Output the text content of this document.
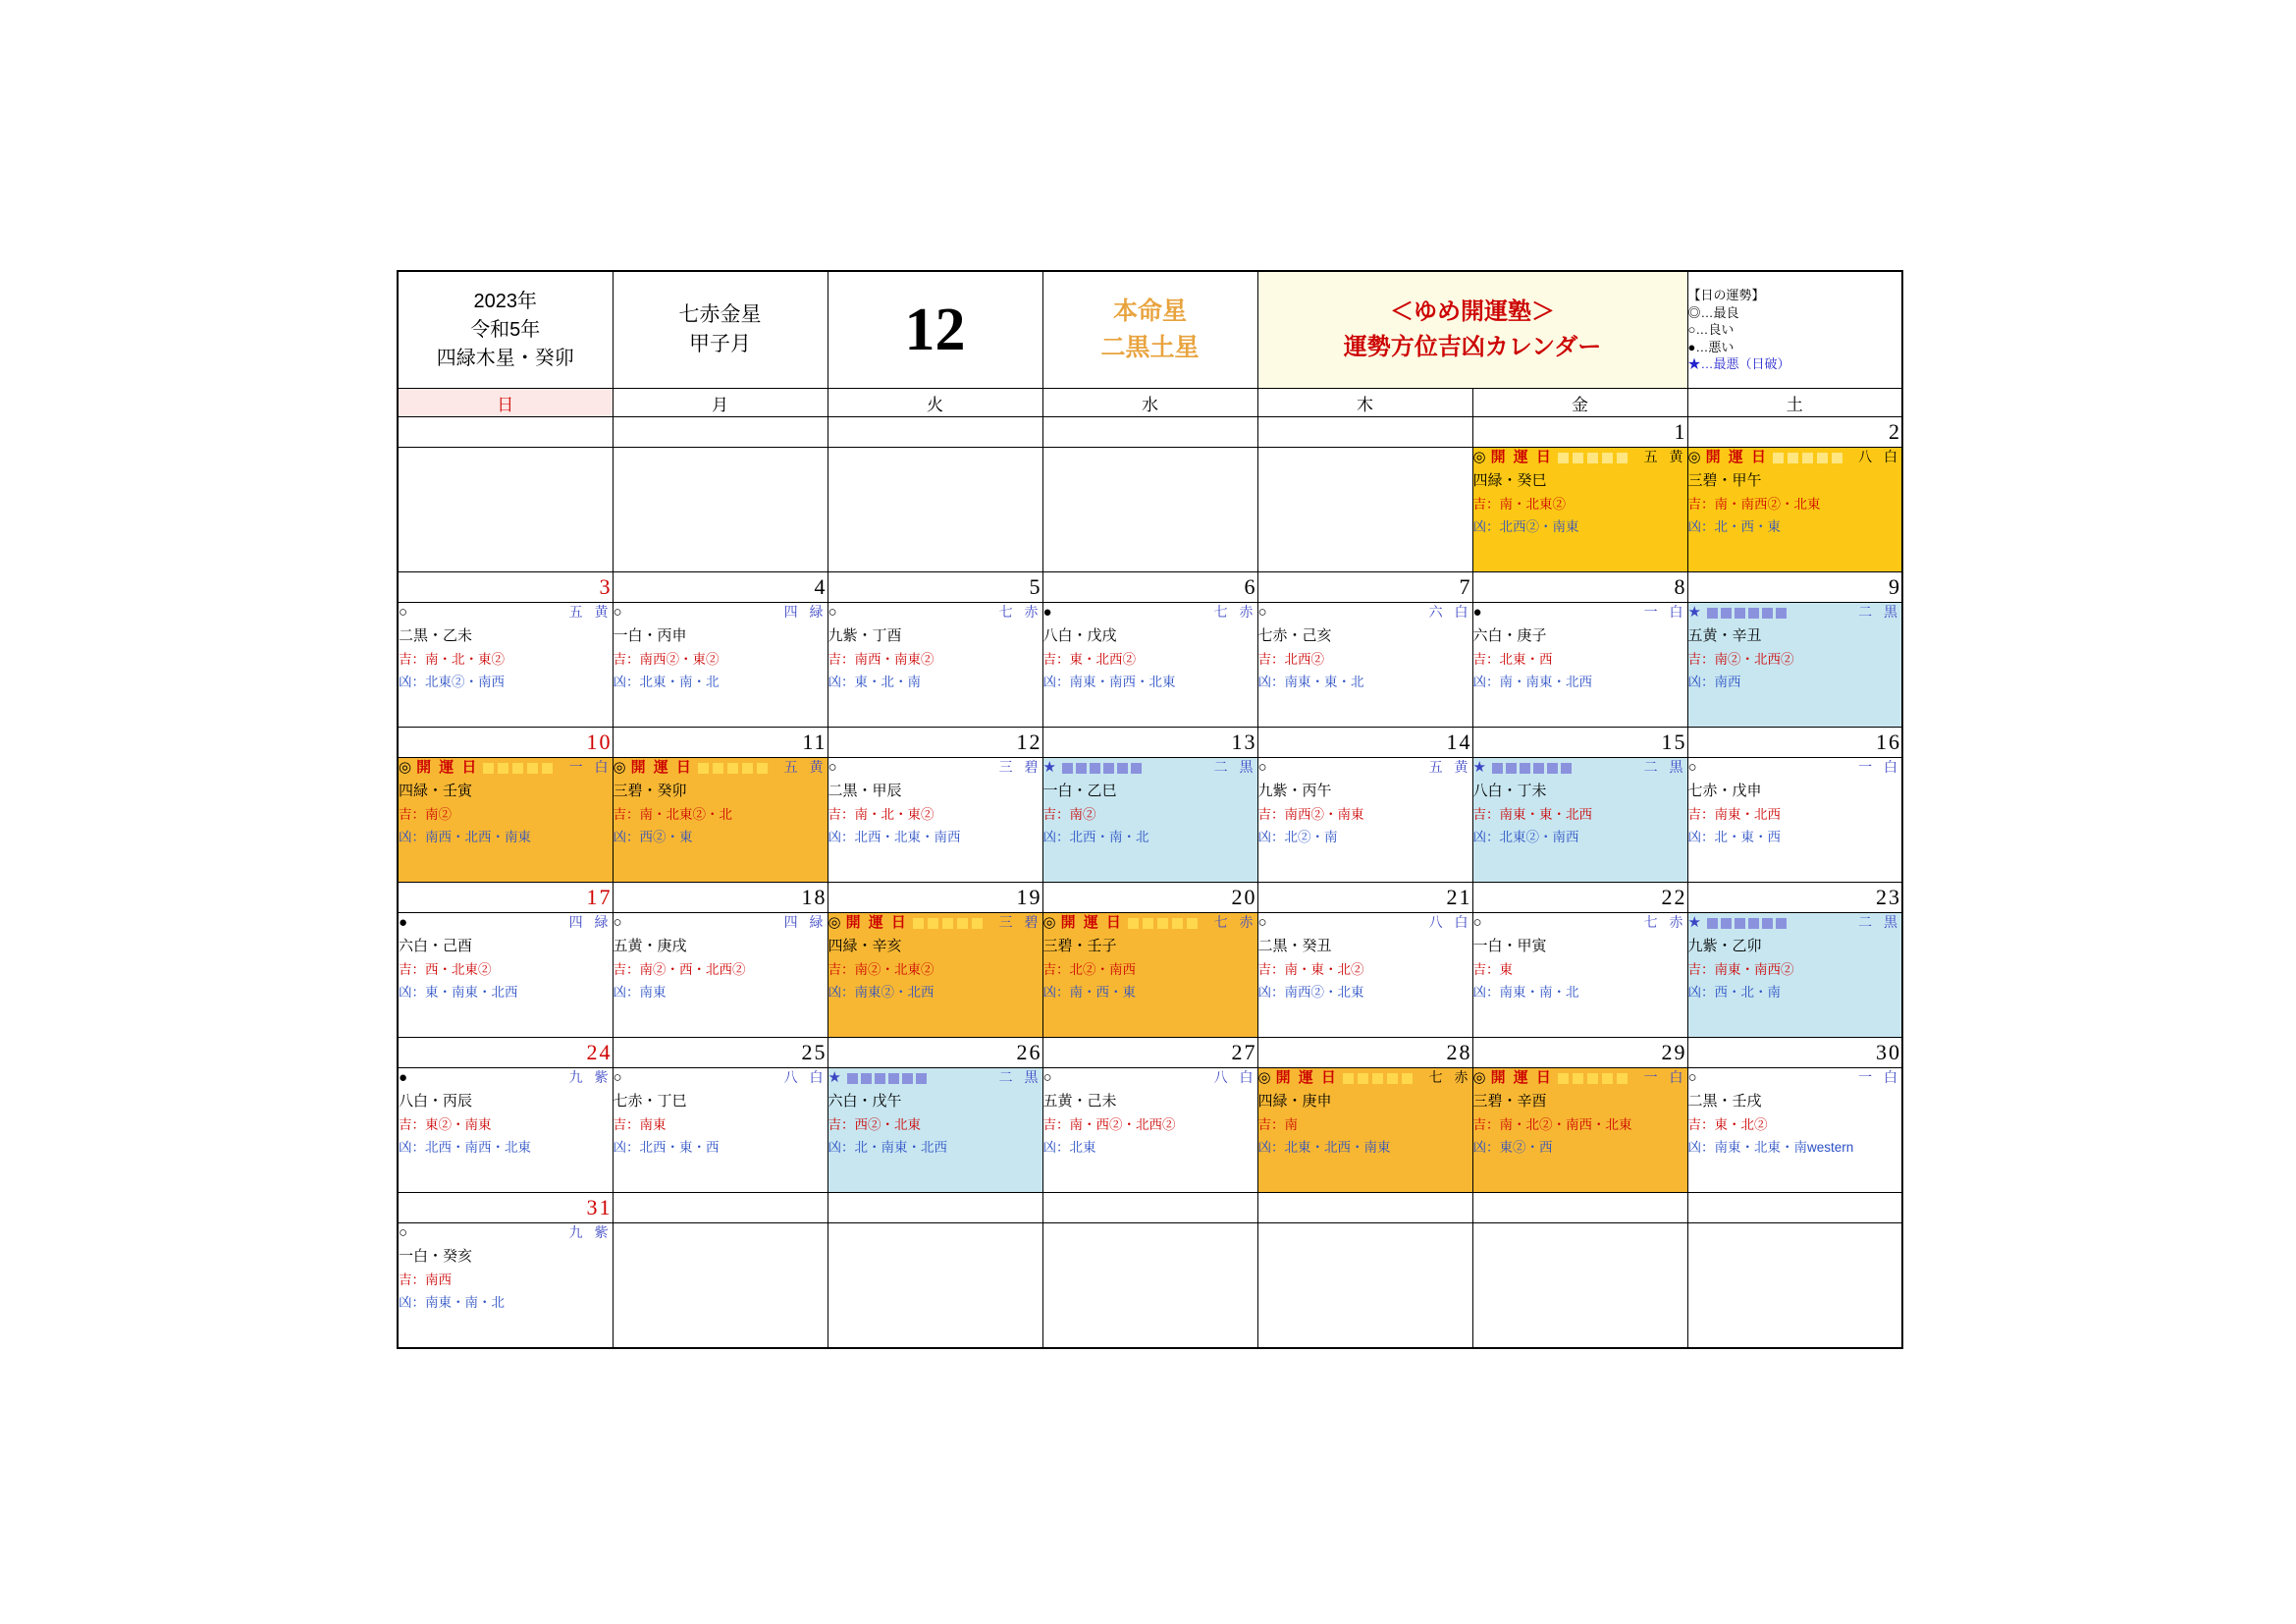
2023年
令和5年
四緑木星・癸卯

七赤金星
甲子月	12	本命星
二黒土星

＜ゆめ開運塾＞
運勢方位吉凶カレンダー

【日の運勢】
◎…最良
○…良い
●…悪い
★…最悪（日破）

日	月	火	水	木	金	土
					1	2

◎ 開 運 日	五 黄
四緑・癸巳
吉：南・北東②
凶：北西②・南東

◎ 開 運 日	八 白
三碧・甲午
吉：南・南西②・北東
凶：北・西・東

3	4	5	6	7	8	9

○	五 黄
二黒・乙未
吉：南・北・東②
凶：北東②・南西

○	四 緑
一白・丙申
吉：南西②・東②
凶：北東・南・北

○	七 赤
九紫・丁酉
吉：南西・南東②
凶：東・北・南

●	七 赤
八白・戊戌
吉：東・北西②
凶：南東・南西・北東

○	六 白
七赤・己亥
吉：北西②
凶：南東・東・北

●	一 白
六白・庚子
吉：北東・西
凶：南・南東・北西

★	二 黒
五黄・辛丑
吉：南②・北西②
凶：南西

10	11	12	13	14	15	16

◎ 開 運 日	一 白
四緑・壬寅
吉：南②
凶：南西・北西・南東

◎ 開 運 日	五 黄
三碧・癸卯
吉：南・北東②・北
凶：西②・東

○	三 碧
二黒・甲辰
吉：南・北・東②
凶：北西・北東・南西

★	二 黒
一白・乙巳
吉：南②
凶：北西・南・北

○	五 黄
九紫・丙午
吉：南西②・南東
凶：北②・南

★	二 黒
八白・丁未
吉：南東・東・北西
凶：北東②・南西

○	一 白
七赤・戊申
吉：南東・北西
凶：北・東・西

17	18	19	20	21	22	23

●	四 緑
六白・己酉
吉：西・北東②
凶：東・南東・北西

○	四 緑
五黄・庚戌
吉：南②・西・北西②
凶：南東

◎ 開 運 日	三 碧
四緑・辛亥
吉：南②・北東②
凶：南東②・北西

◎ 開 運 日	七 赤
三碧・壬子
吉：北②・南西
凶：南・西・東

○	八 白
二黒・癸丑
吉：南・東・北②
凶：南西②・北東

○	七 赤
一白・甲寅
吉：東
凶：南東・南・北

★	二 黒
九紫・乙卯
吉：南東・南西②
凶：西・北・南

24	25	26	27	28	29	30

●	九 紫
八白・丙辰
吉：東②・南東
凶：北西・南西・北東

○	八 白
七赤・丁巳
吉：南東
凶：北西・東・西

★	二 黒
六白・戊午
吉：西②・北東
凶：北・南東・北西

○	八 白
五黄・己未
吉：南・西②・北西②
凶：北東

◎ 開 運 日	七 赤
四緑・庚申
吉：南
凶：北東・北西・南東

◎ 開 運 日	一 白
三碧・辛酉
吉：南・北②・南西・北東
凶：東②・西

○	一 白
二黒・壬戌
吉：東・北②
凶：南東・北東・南western

31						

○ 九 紫
一白・癸亥
吉：南西
凶：南東・南・北						
